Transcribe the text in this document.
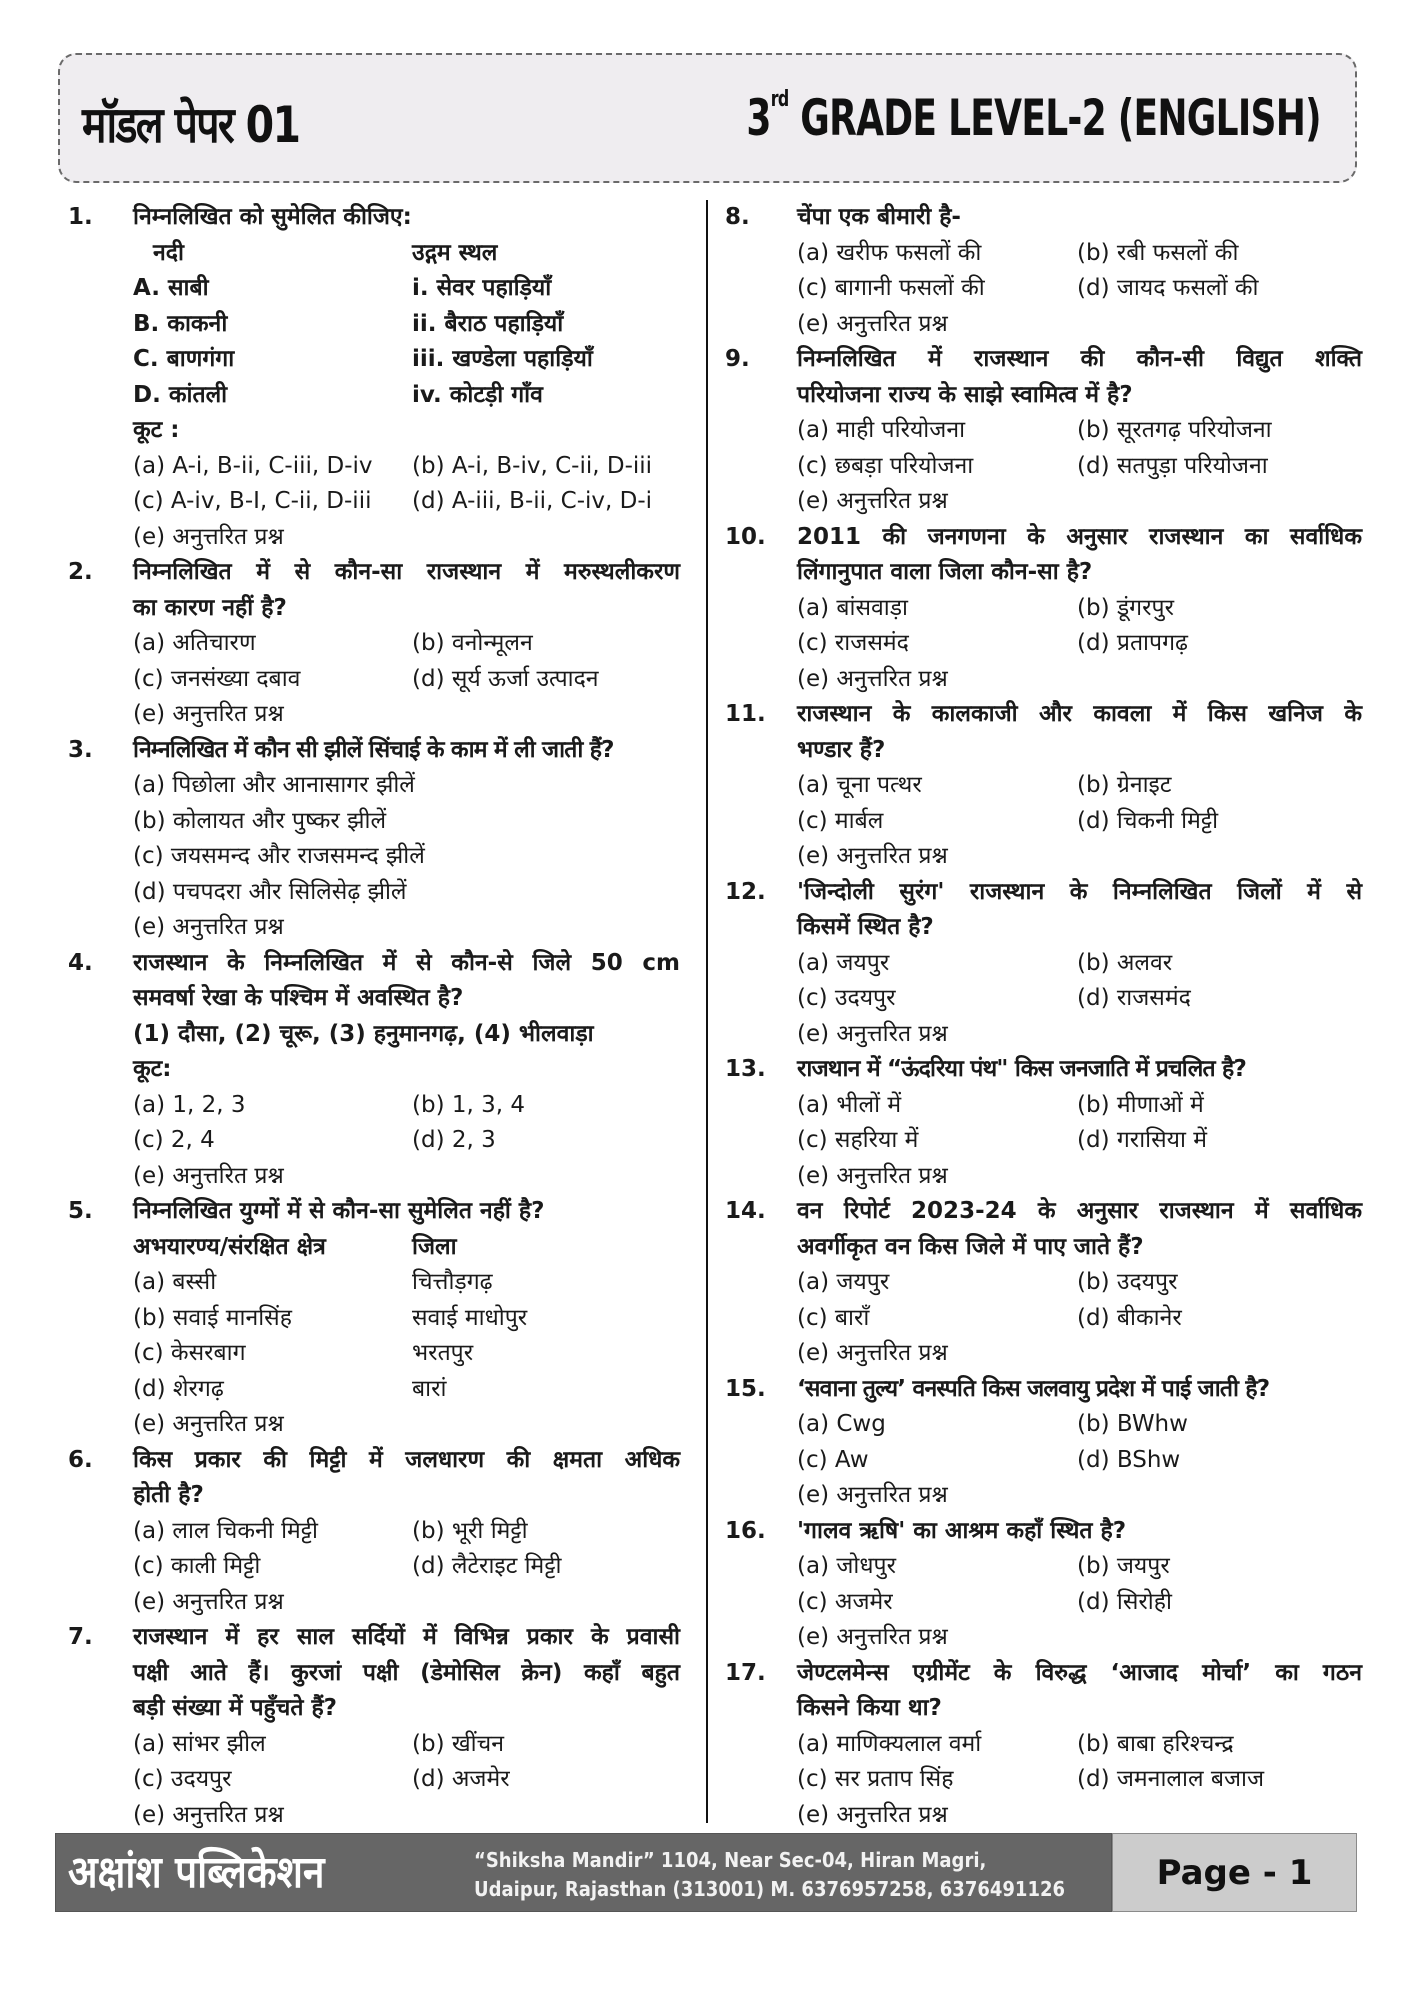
मॉडल पेपर 01	3rd GRADE LEVEL-2 (ENGLISH)
1. निम्नलिखित को सुमेलित कीजिए:
नदी	उद्गम स्थल
A. साबी	i. सेवर पहाड़ियाँ
B. काकनी	ii. बैराठ पहाड़ियाँ
C. बाणगंगा	iii. खण्डेला पहाड़ियाँ
D. कांतली	iv. कोटड़ी गाँव
कूट :
(a) A-i, B-ii, C-iii, D-iv (b) A-i, B-iv, C-ii, D-iii
(c) A-iv, B-I, C-ii, D-iii (d) A-iii, B-ii, C-iv, D-i
(e) अनुत्तरित प्रश्न
2. निम्नलिखित में से कौन-सा राजस्थान में मरुस्थलीकरण
का कारण नहीं है?
(a) अतिचारण	(b) वनोन्मूलन
(c) जनसंख्या दबाव	(d) सूर्य ऊर्जा उत्पादन
(e) अनुत्तरित प्रश्न
3. निम्नलिखित में कौन सी झीलें सिंचाई के काम में ली जाती हैं?
(a) पिछोला और आनासागर झीलें
(b) कोलायत और पुष्कर झीलें
(c) जयसमन्द और राजसमन्द झीलें
(d) पचपदरा और सिलिसेढ़ झीलें
(e) अनुत्तरित प्रश्न
4. राजस्थान के निम्नलिखित में से कौन-से जिले 50 cm
समवर्षा रेखा के पश्चिम में अवस्थित है?
(1) दौसा, (2) चूरू, (3) हनुमानगढ़, (4) भीलवाड़ा
कूट:
(a) 1, 2, 3	(b) 1, 3, 4
(c) 2, 4	(d) 2, 3
(e) अनुत्तरित प्रश्न
5. निम्नलिखित युग्मों में से कौन-सा सुमेलित नहीं है?
अभयारण्य/संरक्षित क्षेत्र	जिला
(a) बस्सी	चित्तौड़गढ़
(b) सवाई मानसिंह	सवाई माधोपुर
(c) केसरबाग	भरतपुर
(d) शेरगढ़	बारां
(e) अनुत्तरित प्रश्न
6. किस प्रकार की मिट्टी में जलधारण की क्षमता अधिक
होती है?
(a) लाल चिकनी मिट्टी	(b) भूरी मिट्टी
(c) काली मिट्टी	(d) लैटेराइट मिट्टी
(e) अनुत्तरित प्रश्न
7. राजस्थान में हर साल सर्दियों में विभिन्न प्रकार के प्रवासी
पक्षी आते हैं। कुरजां पक्षी (डेमोसिल क्रेन) कहाँ बहुत
बड़ी संख्या में पहुँचते हैं?
(a) सांभर झील	(b) खींचन
(c) उदयपुर	(d) अजमेर
(e) अनुत्तरित प्रश्न
8. चेंपा एक बीमारी है-
(a) खरीफ फसलों की	(b) रबी फसलों की
(c) बागानी फसलों की	(d) जायद फसलों की
(e) अनुत्तरित प्रश्न
9. निम्नलिखित में राजस्थान की कौन-सी विद्युत शक्ति
परियोजना राज्य के साझे स्वामित्व में है?
(a) माही परियोजना	(b) सूरतगढ़ परियोजना
(c) छबड़ा परियोजना	(d) सतपुड़ा परियोजना
(e) अनुत्तरित प्रश्न
10. 2011 की जनगणना के अनुसार राजस्थान का सर्वाधिक
लिंगानुपात वाला जिला कौन-सा है?
(a) बांसवाड़ा	(b) डूंगरपुर
(c) राजसमंद	(d) प्रतापगढ़
(e) अनुत्तरित प्रश्न
11. राजस्थान के कालकाजी और कावला में किस खनिज के
भण्डार हैं?
(a) चूना पत्थर	(b) ग्रेनाइट
(c) मार्बल	(d) चिकनी मिट्टी
(e) अनुत्तरित प्रश्न
12. 'जिन्दोली सुरंग' राजस्थान के निम्नलिखित जिलों में से
किसमें स्थित है?
(a) जयपुर	(b) अलवर
(c) उदयपुर	(d) राजसमंद
(e) अनुत्तरित प्रश्न
13. राजथान में “ऊंदरिया पंथ" किस जनजाति में प्रचलित है?
(a) भीलों में	(b) मीणाओं में
(c) सहरिया में	(d) गरासिया में
(e) अनुत्तरित प्रश्न
14. वन रिपोर्ट 2023-24 के अनुसार राजस्थान में सर्वाधिक
अवर्गीकृत वन किस जिले में पाए जाते हैं?
(a) जयपुर	(b) उदयपुर
(c) बाराँ	(d) बीकानेर
(e) अनुत्तरित प्रश्न
15. ‘सवाना तुल्य’ वनस्पति किस जलवायु प्रदेश में पाई जाती है?
(a) Cwg	(b) BWhw
(c) Aw	(d) BShw
(e) अनुत्तरित प्रश्न
16. 'गालव ऋषि' का आश्रम कहाँ स्थित है?
(a) जोधपुर	(b) जयपुर
(c) अजमेर	(d) सिरोही
(e) अनुत्तरित प्रश्न
17. जेण्टलमेन्स एग्रीमेंट के विरुद्ध ‘आजाद मोर्चा’ का गठन
किसने किया था?
(a) माणिक्यलाल वर्मा	(b) बाबा हरिश्चन्द्र
(c) सर प्रताप सिंह	(d) जमनालाल बजाज
(e) अनुत्तरित प्रश्न
अक्षांश पब्लिकेशन	“Shiksha Mandir” 1104, Near Sec-04, Hiran Magri,
Udaipur, Rajasthan (313001) M. 6376957258, 6376491126	Page - 1
